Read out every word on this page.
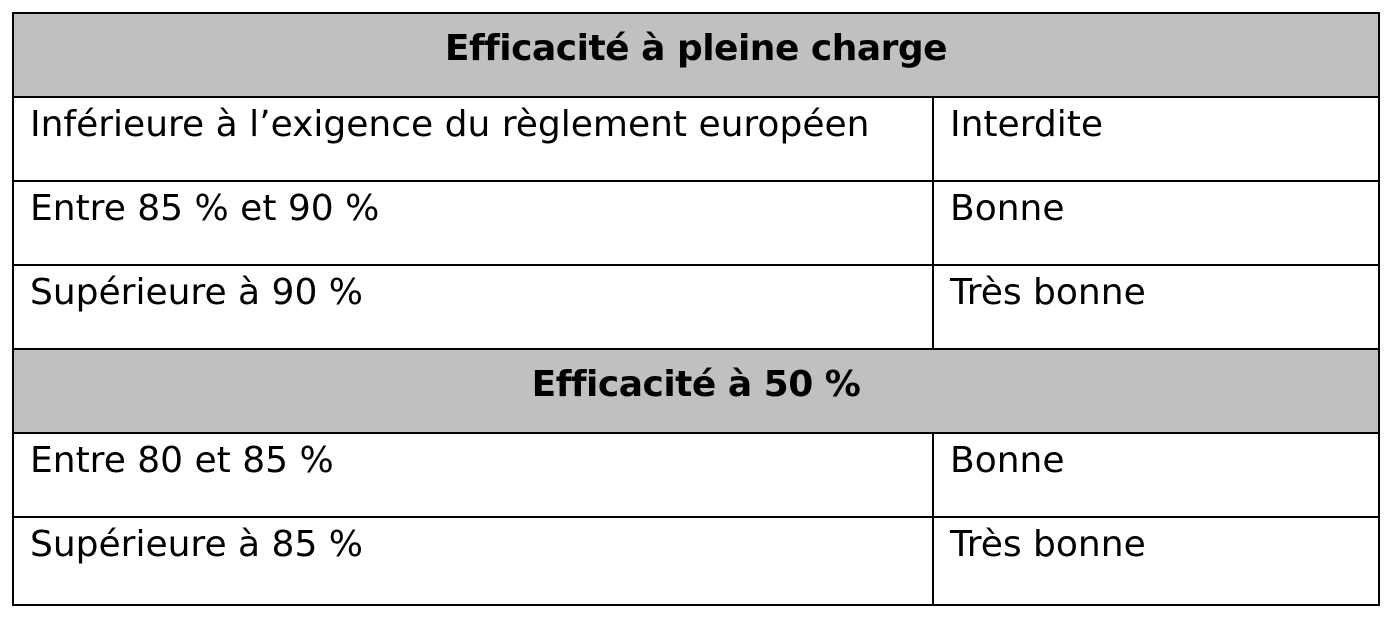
Efficacité à pleine charge
Inférieure à l’exigence du règlement européen	Interdite
Entre 85 % et 90 %	Bonne
Supérieure à 90 %	Très bonne
Efficacité à 50 %
Entre 80 et 85 %	Bonne
Supérieure à 85 %	Très bonne
